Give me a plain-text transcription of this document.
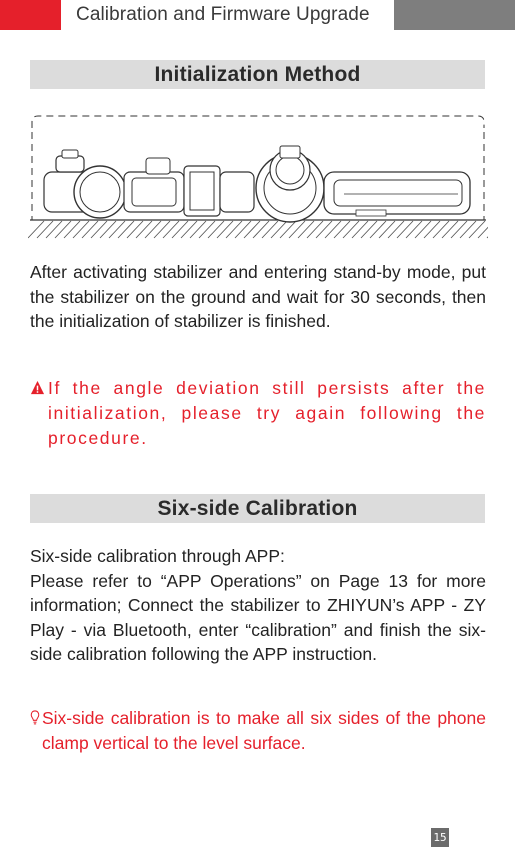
Calibration and Firmware Upgrade
Initialization Method

After activating stabilizer and entering stand-by mode, put the stabilizer on the ground and wait for 30 seconds, then the initialization of stabilizer is finished.

If the angle deviation still persists after the initialization, please try again following the procedure.
Six-side Calibration
Six-side calibration through APP:
Please refer to “APP Operations” on Page 13 for more information; Connect the stabilizer to ZHIYUN’s APP - ZY Play - via Bluetooth, enter “calibration” and finish the six-side calibration following the APP instruction.
Six-side calibration is to make all six sides of the phone clamp vertical to the level surface.
15
